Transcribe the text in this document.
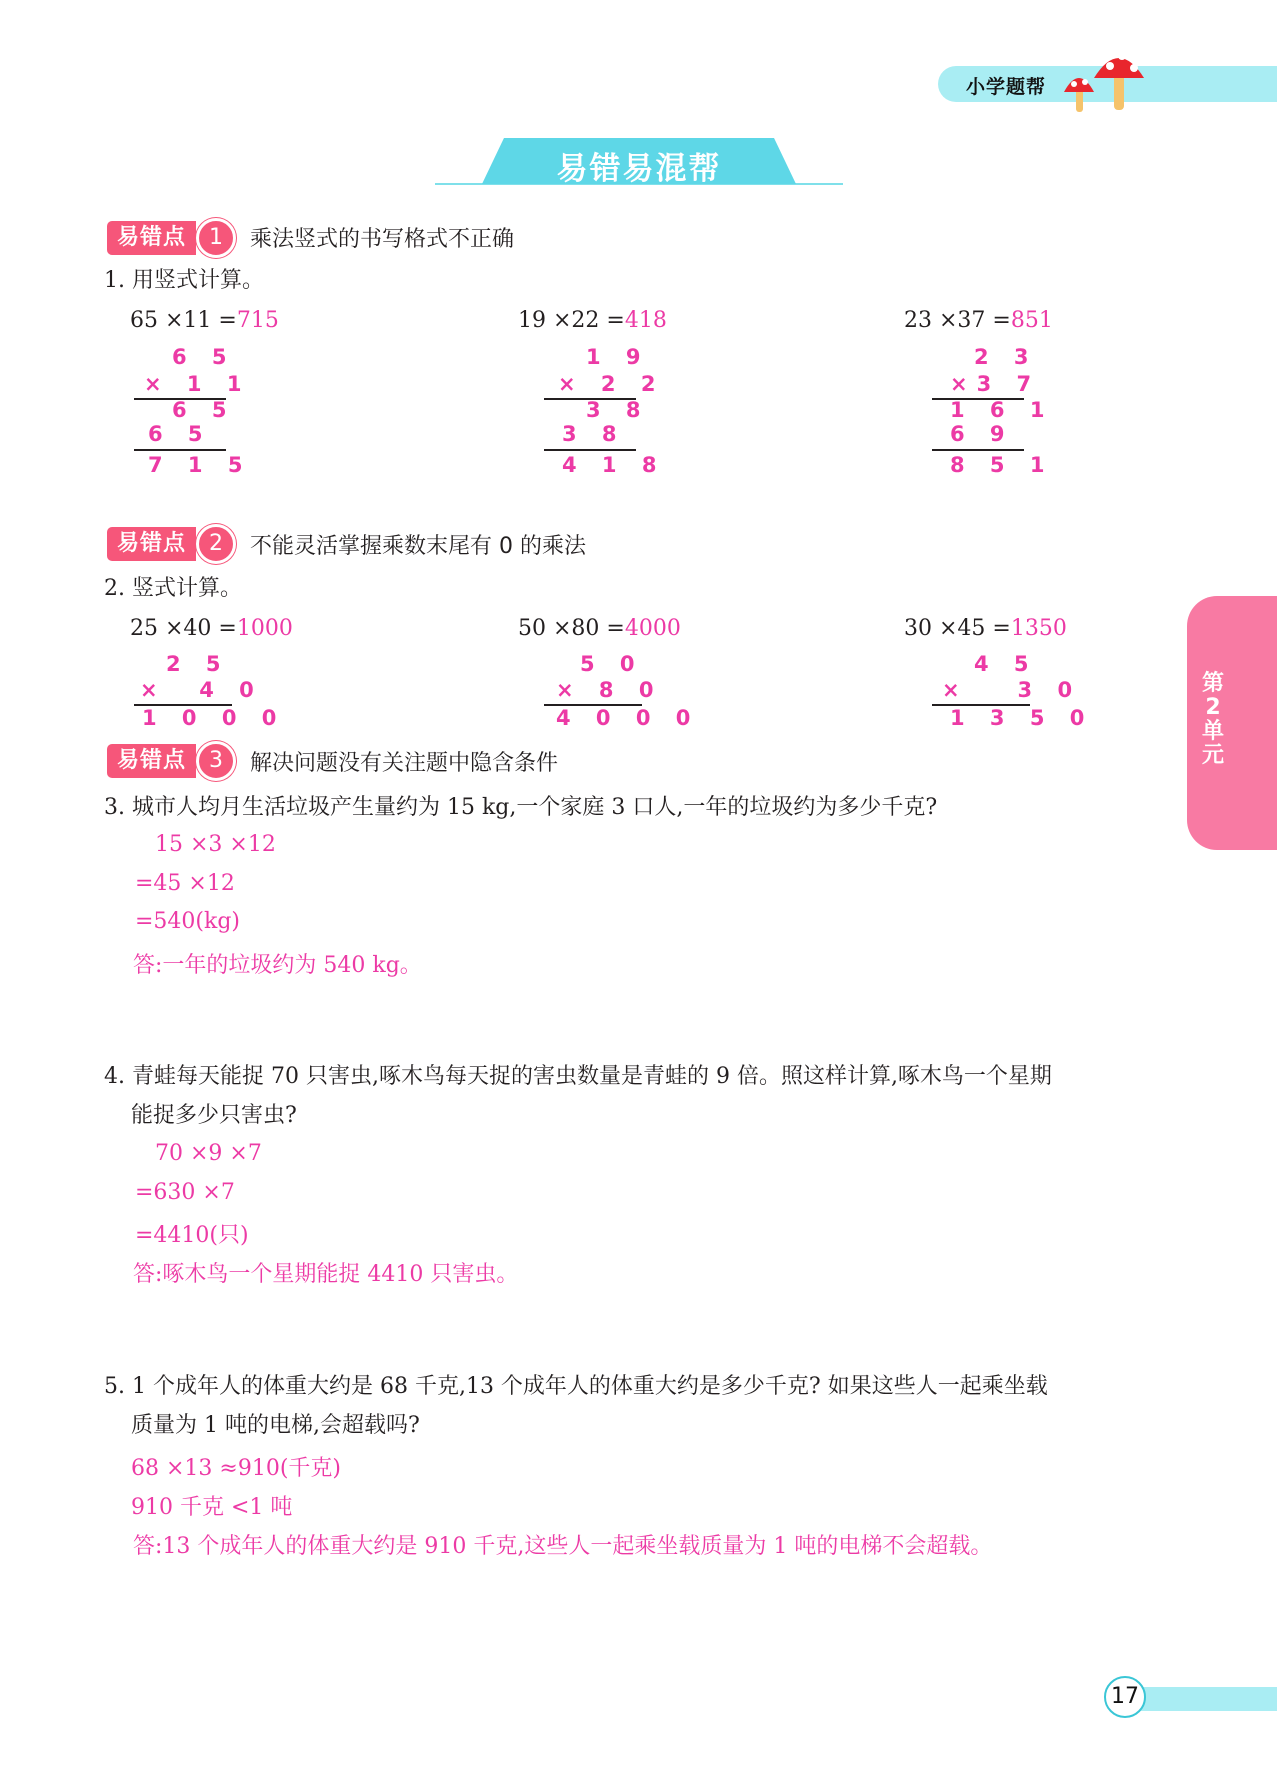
小学题帮
易错易混帮
易错点	1	乘法竖式的书写格式不正确
1. 用竖式计算。
65 ×11 =715
6 5
× 1 1
6 5
6 5
7 1 5
19 ×22 =418
1 9
× 2 2
3 8
3 8
4 1 8
23 ×37 =851
2 3
×3 7
1 6 1
6 9
8 5 1
易错点	2	不能灵活掌握乘数末尾有 0 的乘法
2. 竖式计算。
25 ×40 =1000
2 5
×  4 0
1 0 0 0
50 ×80 =4000
5 0
× 8 0
4 0 0 0
30 ×45 =1350
4 5
×   3 0
1 3 5 0
易错点	3	解决问题没有关注题中隐含条件
3. 城市人均月生活垃圾产生量约为 15 kg,一个家庭 3 口人,一年的垃圾约为多少千克?
15 ×3 ×12
=45 ×12
=540(kg)
答:一年的垃圾约为 540 kg。
4. 青蛙每天能捉 70 只害虫,啄木鸟每天捉的害虫数量是青蛙的 9 倍。照这样计算,啄木鸟一个星期
能捉多少只害虫?
70 ×9 ×7
=630 ×7
=4410(只)
答:啄木鸟一个星期能捉 4410 只害虫。
5. 1 个成年人的体重大约是 68 千克,13 个成年人的体重大约是多少千克? 如果这些人一起乘坐载
质量为 1 吨的电梯,会超载吗?
68 ×13 ≈910(千克)
910 千克 <1 吨
答:13 个成年人的体重大约是 910 千克,这些人一起乘坐载质量为 1 吨的电梯不会超载。
第
2
单
元
17
